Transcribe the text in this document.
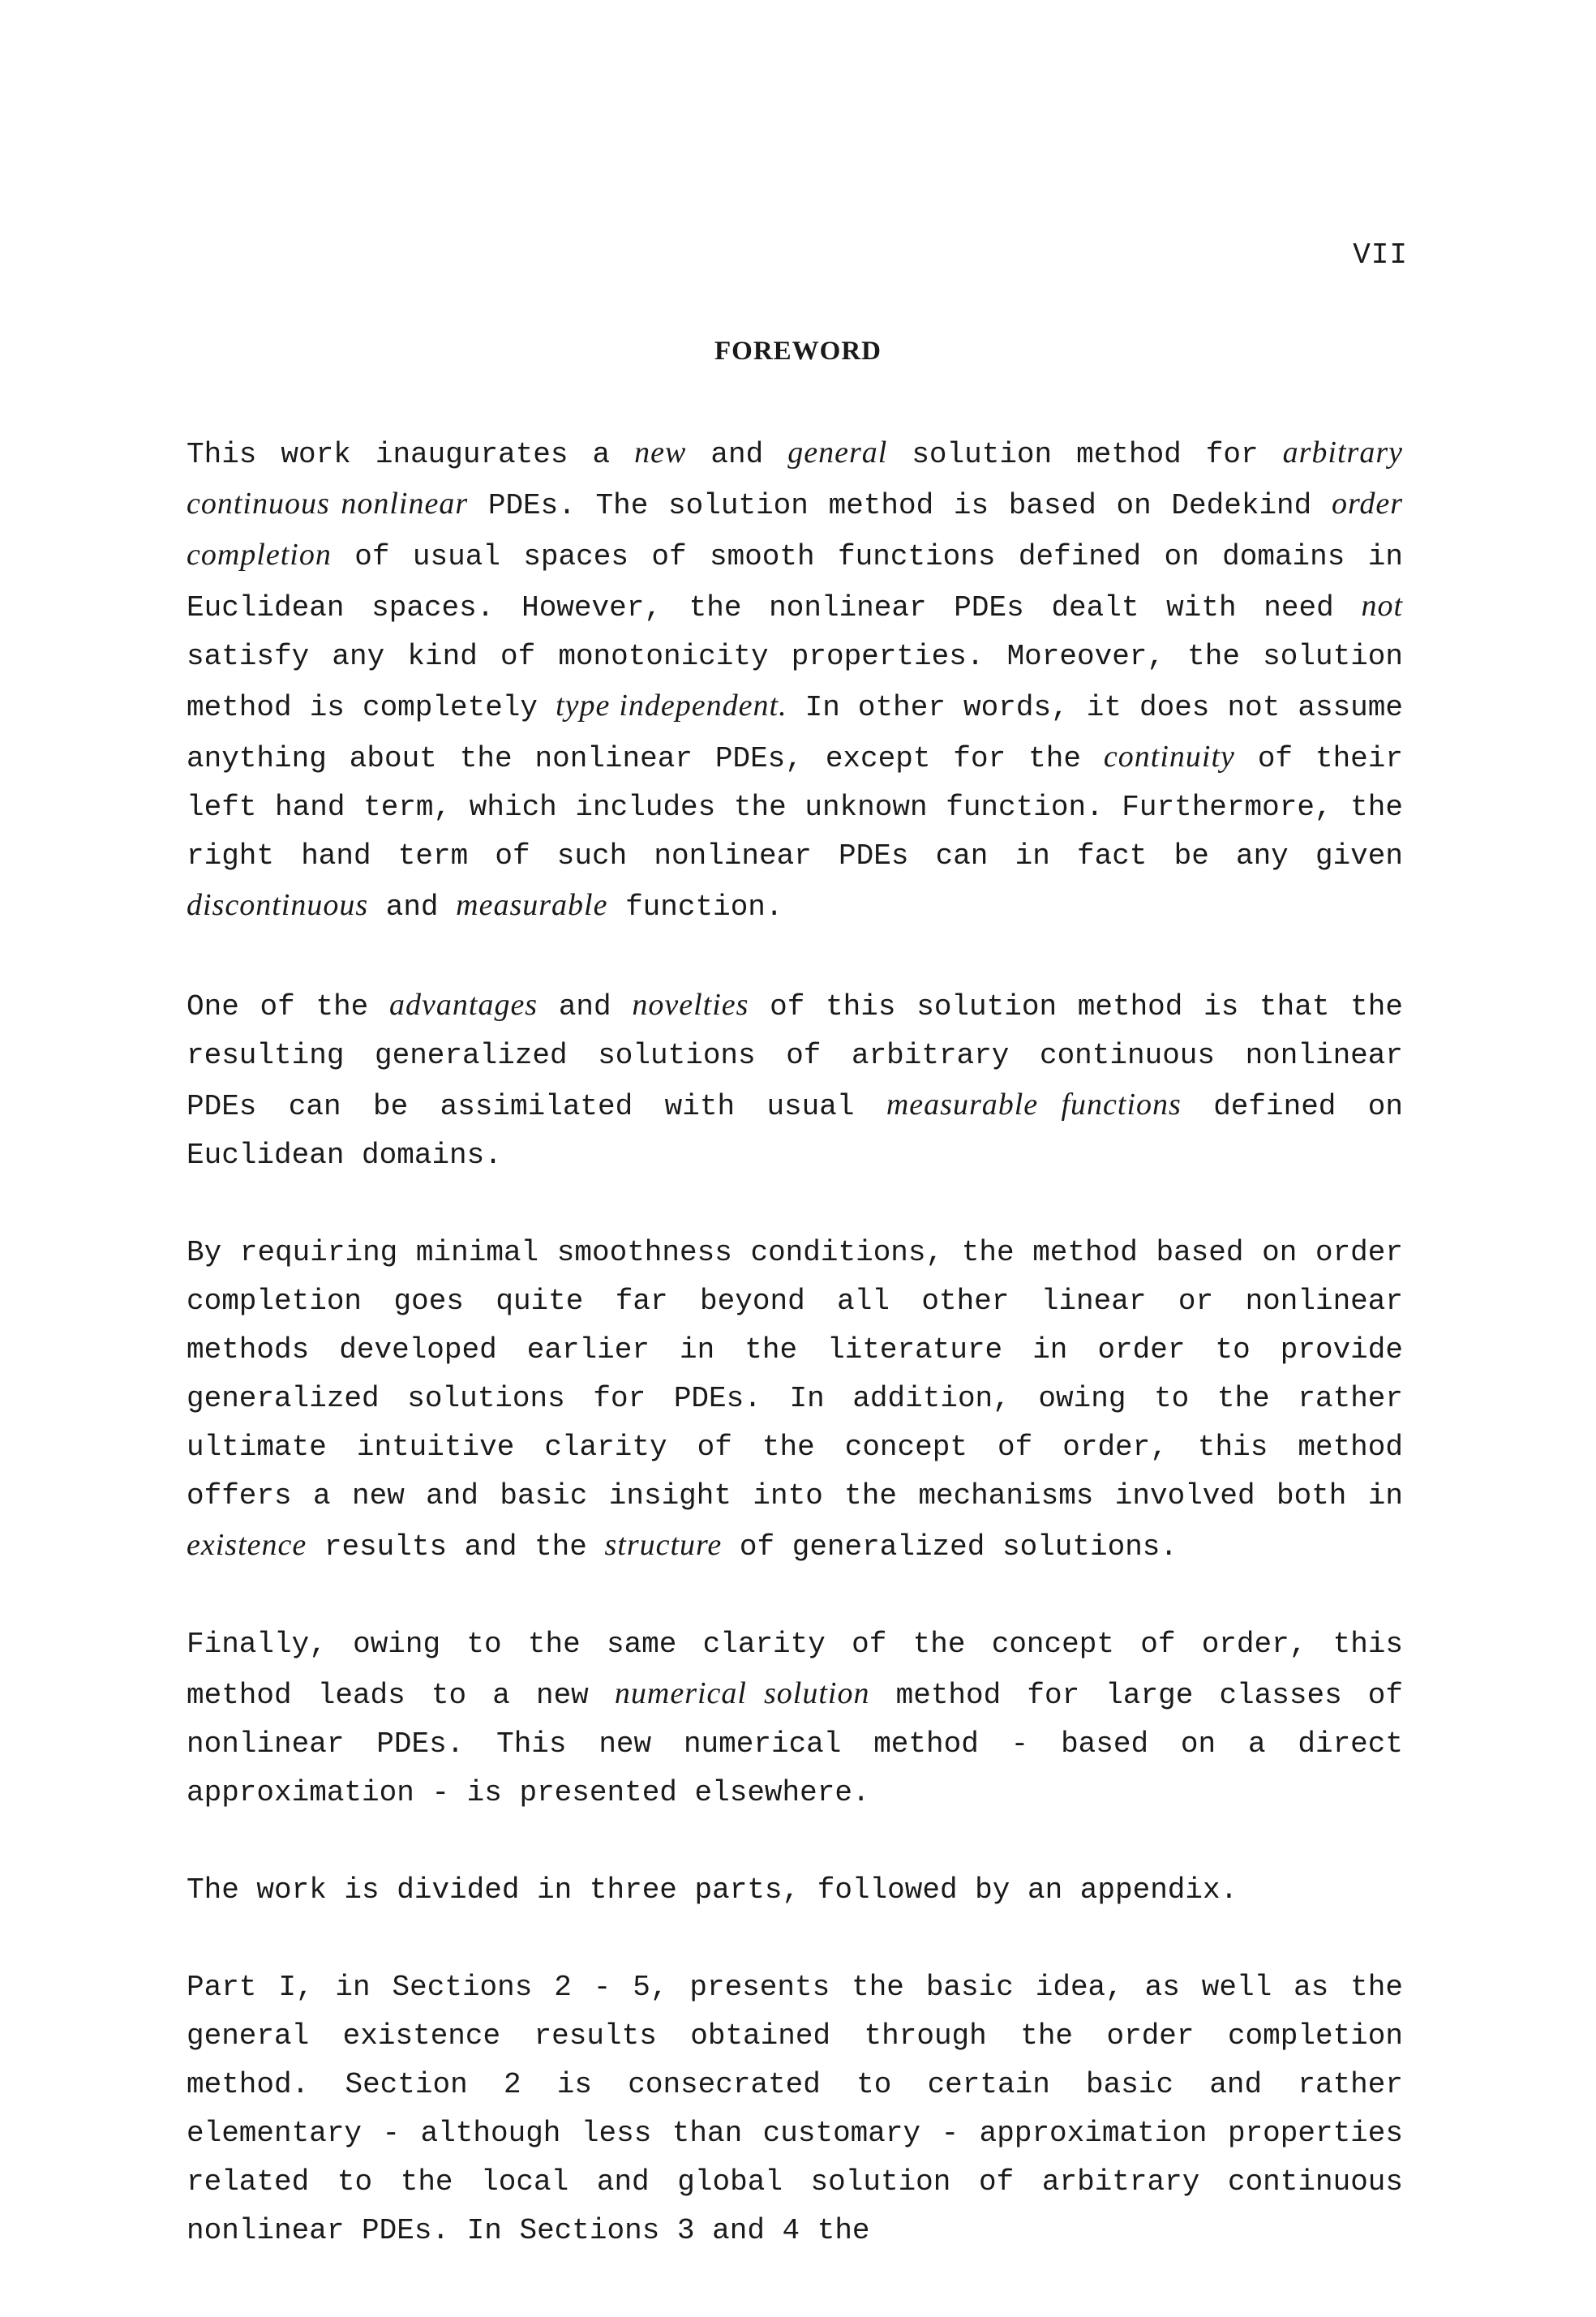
VII
FOREWORD

This work inaugurates a new and general solution method for arbitrary continuous nonlinear PDEs. The solution method is based on Dedekind order completion of usual spaces of smooth functions defined on domains in Euclidean spaces. However, the nonlinear PDEs dealt with need not satisfy any kind of monotonicity properties. Moreover, the solution method is completely type independent. In other words, it does not assume anything about the nonlinear PDEs, except for the continuity of their left hand term, which includes the unknown function. Furthermore, the right hand term of such nonlinear PDEs can in fact be any given discontinuous and measurable function.

One of the advantages and novelties of this solution method is that the resulting generalized solutions of arbitrary continuous nonlinear PDEs can be assimilated with usual measurable functions defined on Euclidean domains.

By requiring minimal smoothness conditions, the method based on order completion goes quite far beyond all other linear or nonlinear methods developed earlier in the literature in order to provide generalized solutions for PDEs. In addition, owing to the rather ultimate intuitive clarity of the concept of order, this method offers a new and basic insight into the mechanisms involved both in existence results and the structure of generalized solutions.

Finally, owing to the same clarity of the concept of order, this method leads to a new numerical solution method for large classes of nonlinear PDEs. This new numerical method - based on a direct approximation - is presented elsewhere.

The work is divided in three parts, followed by an appendix.

Part I, in Sections 2 - 5, presents the basic idea, as well as the general existence results obtained through the order completion method. Section 2 is consecrated to certain basic and rather elementary - although less than customary - approximation properties related to the local and global solution of arbitrary continuous nonlinear PDEs. In Sections 3 and 4 the
